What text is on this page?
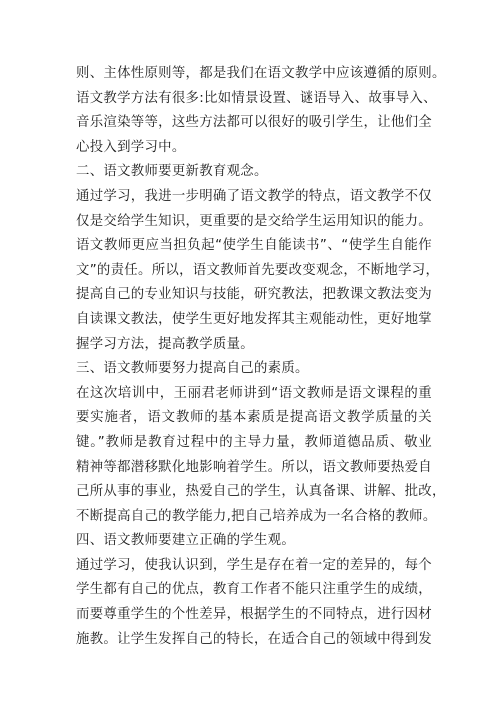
则、主体性原则等，都是我们在语文教学中应该遵循的原则。
语文教学方法有很多:比如情景设置、谜语导入、故事导入、
音乐渲染等等，这些方法都可以很好的吸引学生，让他们全
心投入到学习中。
二、语文教师要更新教育观念。
通过学习，我进一步明确了语文教学的特点，语文教学不仅
仅是交给学生知识，更重要的是交给学生运用知识的能力。
语文教师更应当担负起“使学生自能读书”、“使学生自能作
文”的责任。所以，语文教师首先要改变观念，不断地学习，
提高自己的专业知识与技能，研究教法，把教课文教法变为
自读课文教法，使学生更好地发挥其主观能动性，更好地掌
握学习方法，提高教学质量。
三、语文教师要努力提高自己的素质。
在这次培训中，王丽君老师讲到“语文教师是语文课程的重
要实施者，语文教师的基本素质是提高语文教学质量的关
键。”教师是教育过程中的主导力量，教师道德品质、敬业
精神等都潜移默化地影响着学生。所以，语文教师要热爱自
己所从事的事业，热爱自己的学生，认真备课、讲解、批改，
不断提高自己的教学能力,把自己培养成为一名合格的教师。
四、语文教师要建立正确的学生观。
通过学习，使我认识到，学生是存在着一定的差异的，每个
学生都有自己的优点，教育工作者不能只注重学生的成绩，
而要尊重学生的个性差异，根据学生的不同特点，进行因材
施教。让学生发挥自己的特长，在适合自己的领域中得到发
